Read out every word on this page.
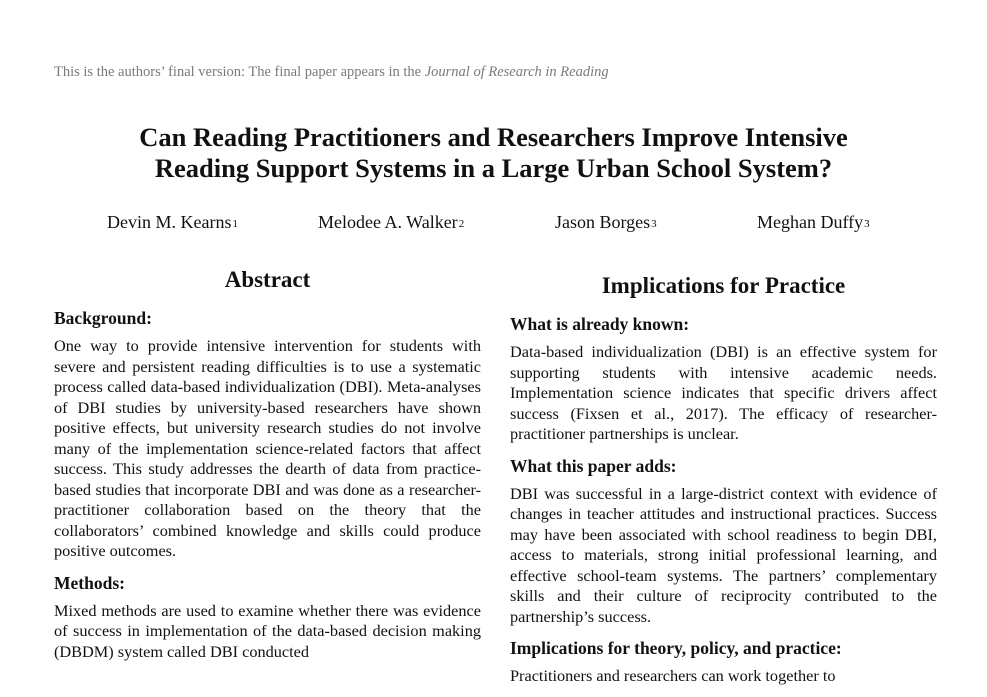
This is the authors’ final version: The final paper appears in the Journal of Research in Reading
Can Reading Practitioners and Researchers Improve Intensive
Reading Support Systems in a Large Urban School System?
Devin M. Kearns$^1$	Melodee A. Walker$^2$	Jason Borges$^3$	Meghan Duffy$^3$
Abstract
Background:
One way to provide intensive intervention for students with severe and persistent reading difficulties is to use a systematic process called data-based individualization (DBI). Meta-analyses of DBI studies by university-based researchers have shown positive effects, but university research studies do not involve many of the implementation science-related factors that affect success. This study addresses the dearth of data from practice-based studies that incorporate DBI and was done as a researcher-practitioner collaboration based on the theory that the collaborators’ combined knowledge and skills could produce positive outcomes.
Methods:
Mixed methods are used to examine whether there was evidence of success in implementation of the data-based decision making (DBDM) system called DBI conducted
Implications for Practice
What is already known:
Data-based individualization (DBI) is an effective system for supporting students with intensive academic needs. Implementation science indicates that specific drivers affect success (Fixsen et al., 2017). The efficacy of researcher-practitioner partnerships is unclear.
What this paper adds:
DBI was successful in a large-district context with evidence of changes in teacher attitudes and instructional practices. Success may have been associated with school readiness to begin DBI, access to materials, strong initial professional learning, and effective school-team systems. The partners’ complementary skills and their culture of reciprocity contributed to the partnership’s success.
Implications for theory, policy, and practice:
Practitioners and researchers can work together to
